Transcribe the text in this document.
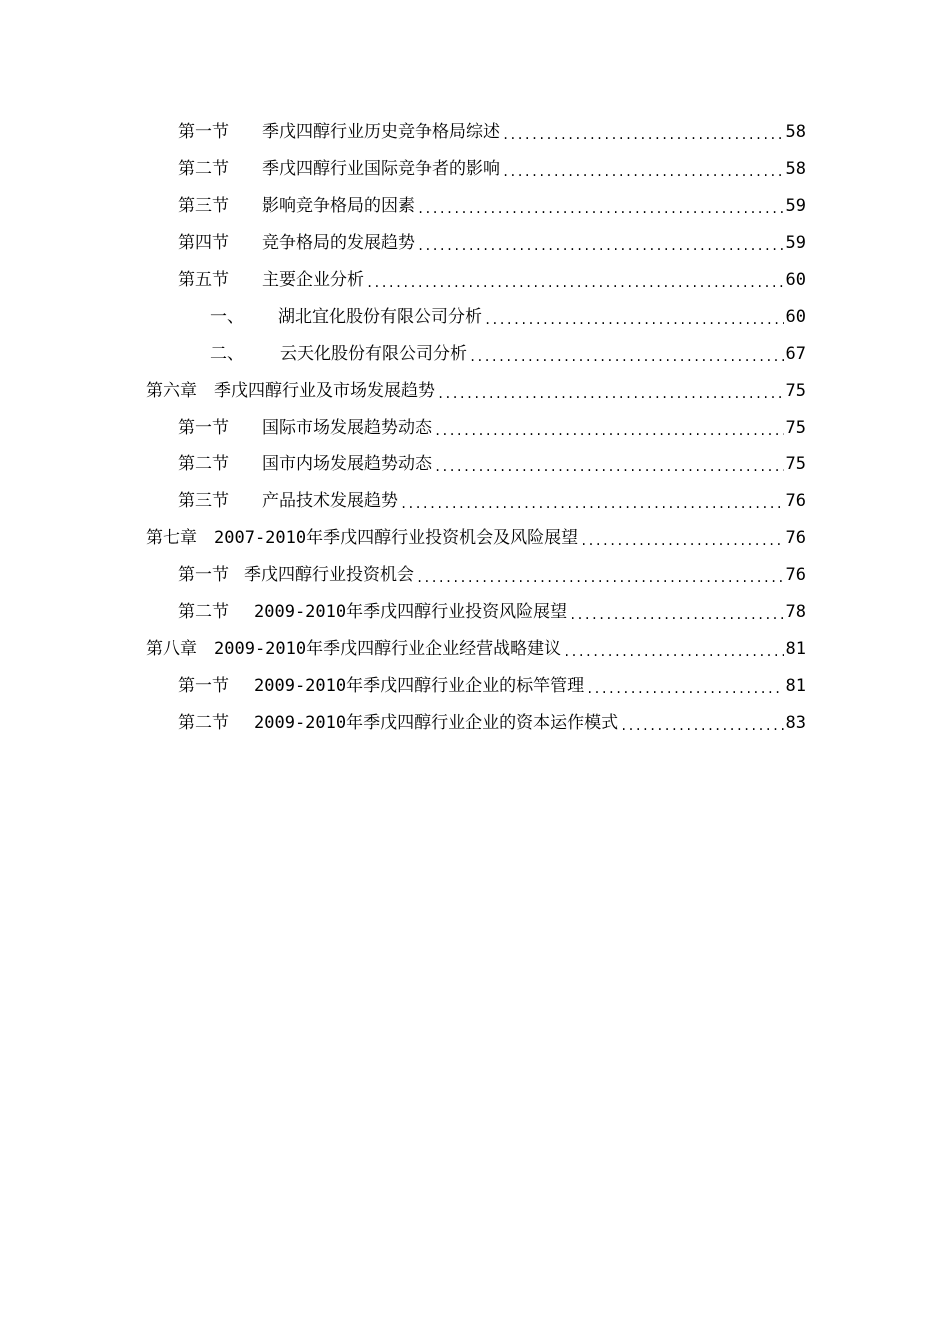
第一节	季戊四醇行业历史竞争格局综述 .....	58
第二节	季戊四醇行业国际竞争者的影响 .....	58
第三节	影响竞争格局的因素 .....	59
第四节	竞争格局的发展趋势 .....	59
第五节	主要企业分析 .....	60
一、	湖北宜化股份有限公司分析 .....	60
二、	云天化股份有限公司分析 .....	67
第六章	季戊四醇行业及市场发展趋势 .....	75
第一节	国际市场发展趋势动态 .....	75
第二节	国市内场发展趋势动态 .....	75
第三节	产品技术发展趋势 .....	76
第七章	2007-2010年季戊四醇行业投资机会及风险展望 .....	76
第一节 季戊四醇行业投资机会 .....	76
第二节	2009-2010年季戊四醇行业投资风险展望 .....	78
第八章	2009-2010年季戊四醇行业企业经营战略建议 .....	81
第一节	2009-2010年季戊四醇行业企业的标竿管理 .....	81
第二节	2009-2010年季戊四醇行业企业的资本运作模式 .....	83
